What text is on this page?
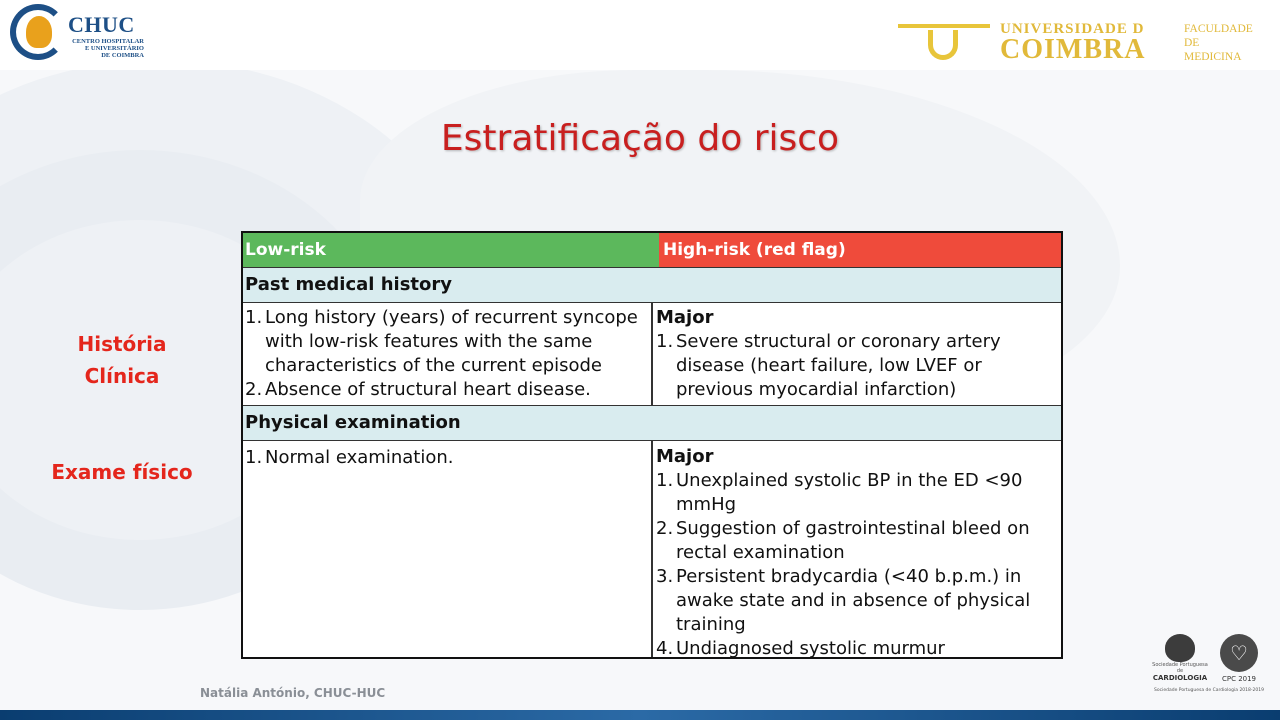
CHUC
CENTRO HOSPITALAR
E UNIVERSITÁRIO
DE COIMBRA
UNIVERSIDADE D
COIMBRA
FACULDADE
DE
MEDICINA
Estratificação do risco
História
Clínica
Exame físico
Low-risk	High-risk (red flag)
Past medical history
1. Long history (years) of recurrent syncope with low-risk features with the same characteristics of the current episode
2. Absence of structural heart disease.
Major
1. Severe structural or coronary artery disease (heart failure, low LVEF or previous myocardial infarction)
Physical examination
1. Normal examination.	Major
1. Unexplained systolic BP in the ED <90 mmHg
2. Suggestion of gastrointestinal bleed on rectal examination
3. Persistent bradycardia (<40 b.p.m.) in awake state and in absence of physical training
4. Undiagnosed systolic murmur
Natália António, CHUC-HUC
Sociedade Portuguesa de
CARDIOLOGIA
♡
CPC 2019
Sociedade Portuguesa de Cardiologia 2018-2019
